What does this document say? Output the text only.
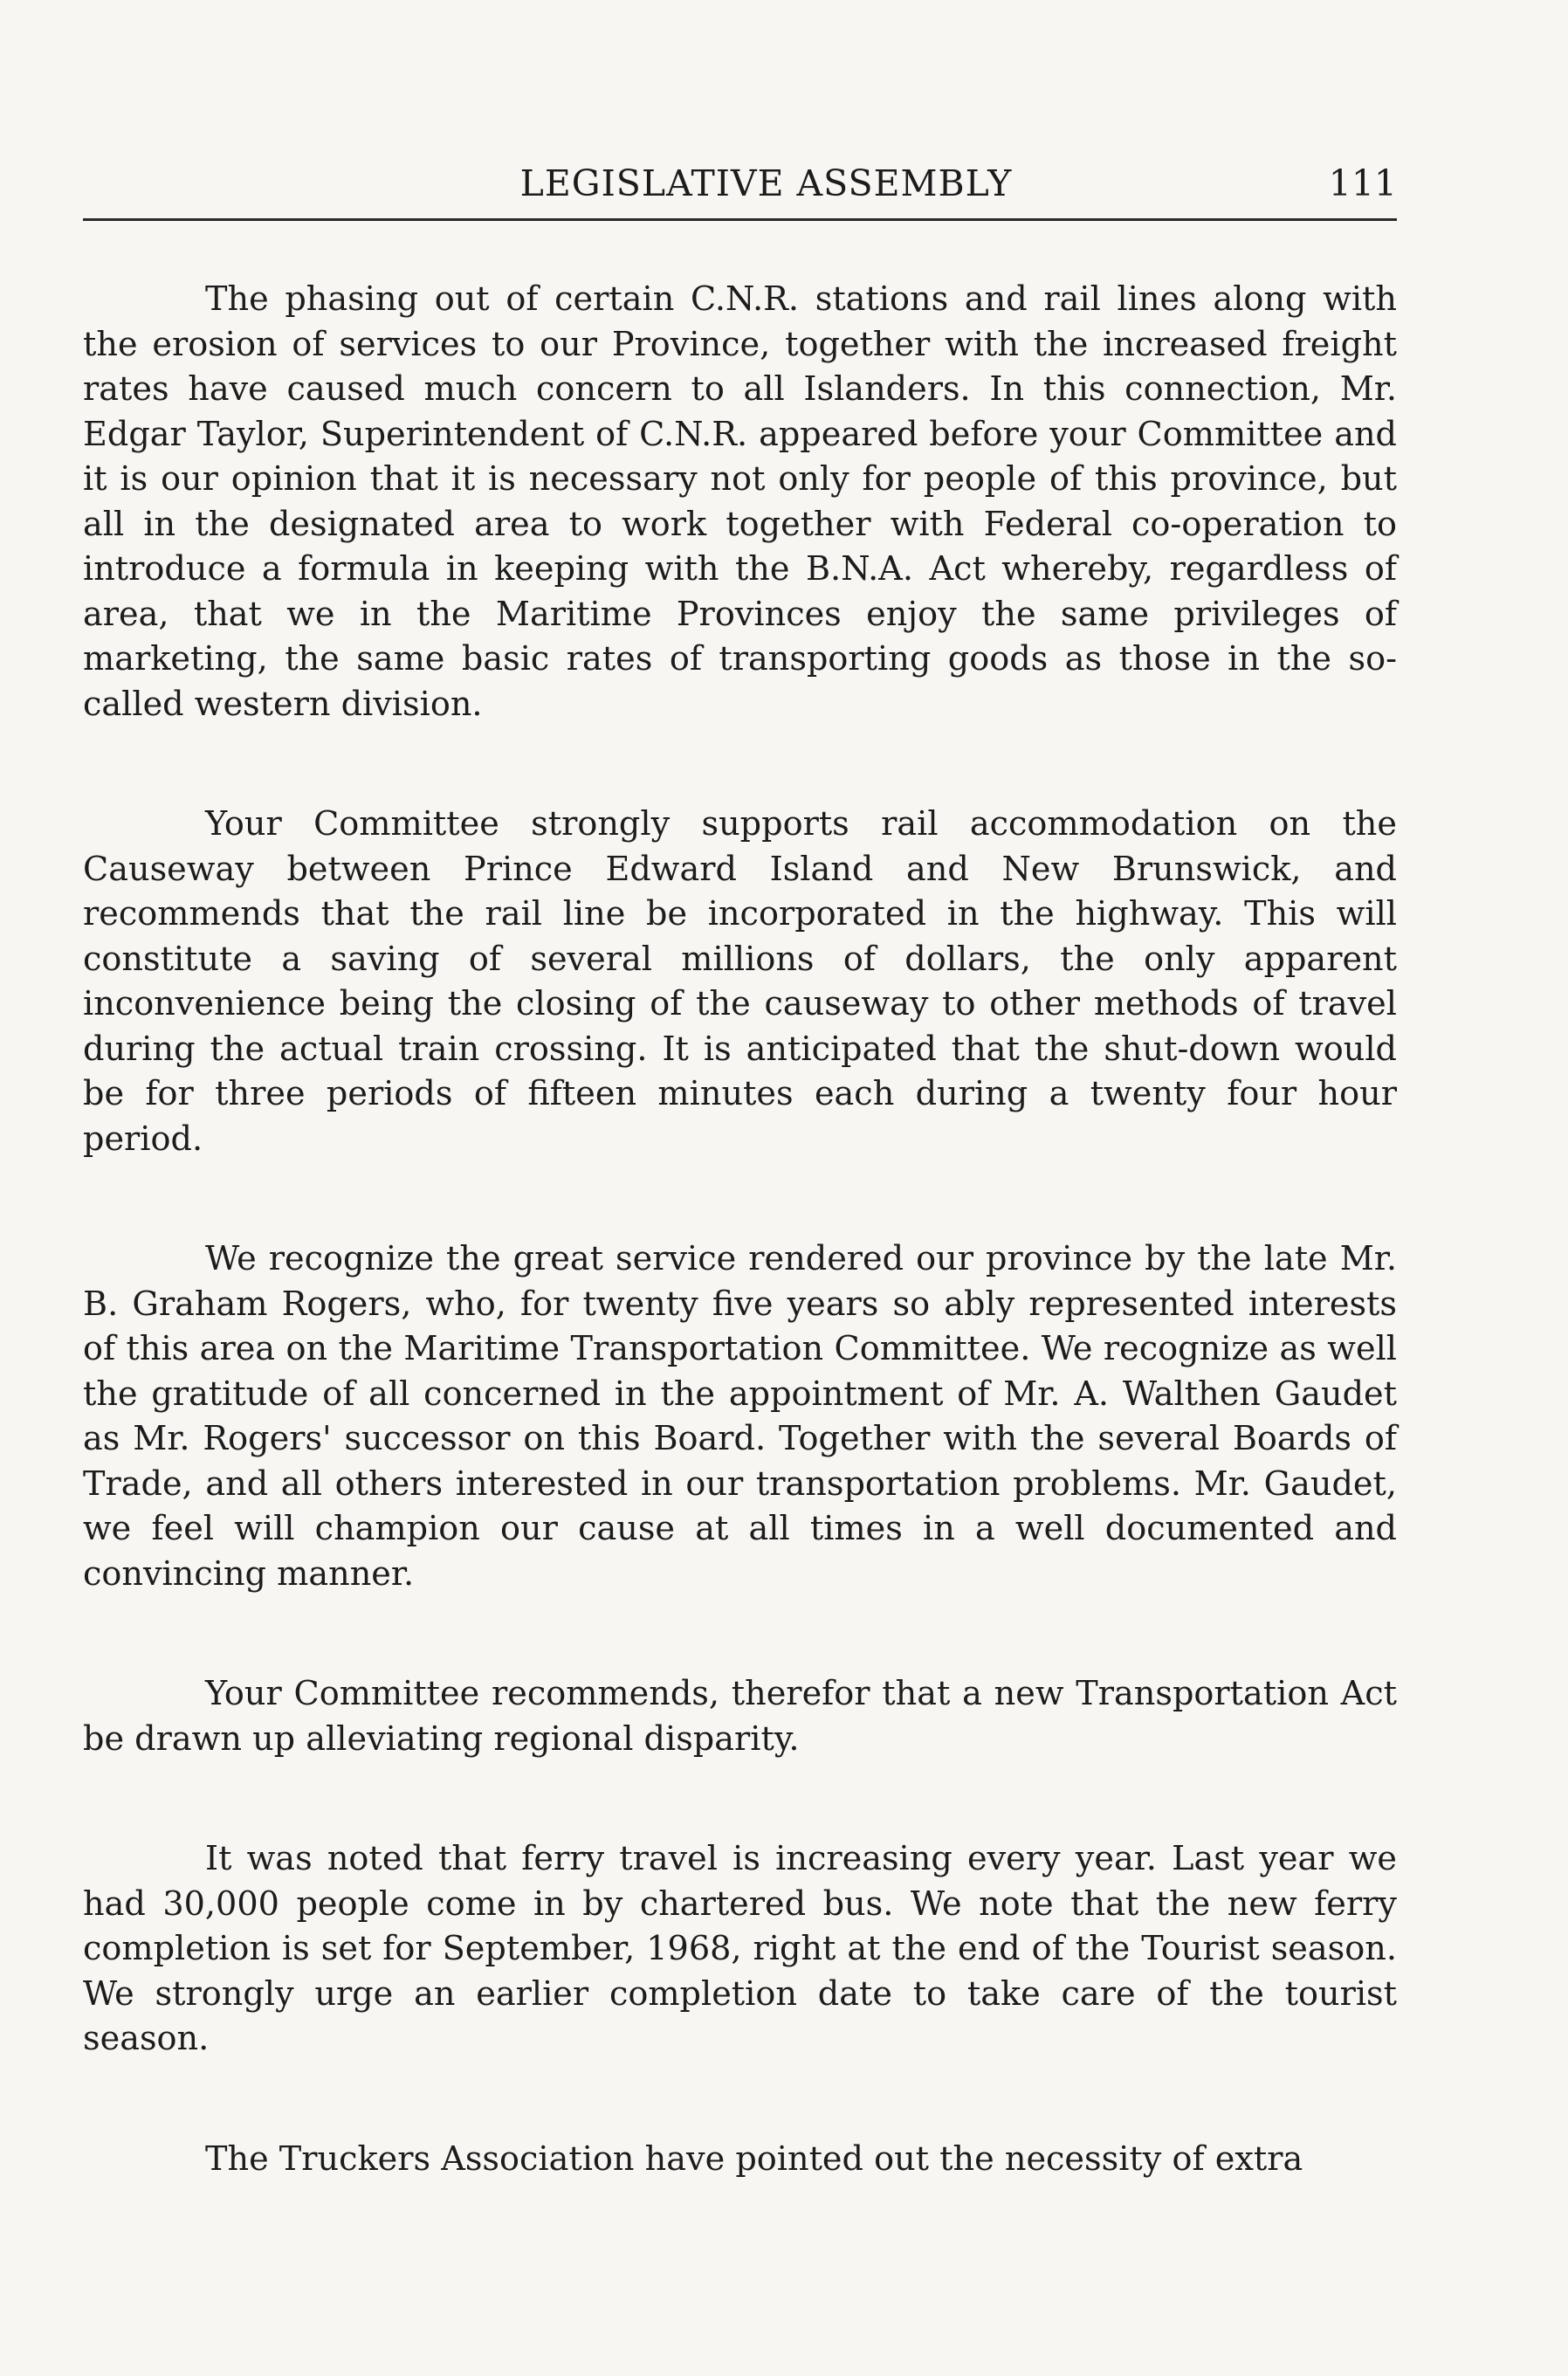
LEGISLATIVE ASSEMBLY	111

The phasing out of certain C.N.R. stations and rail lines along with the erosion of services to our Province, together with the increased freight rates have caused much concern to all Islanders. In this connection, Mr. Edgar Taylor, Superintendent of C.N.R. appeared before your Committee and it is our opinion that it is necessary not only for people of this province, but all in the designated area to work together with Federal co-operation to introduce a formula in keeping with the B.N.A. Act whereby, regardless of area, that we in the Maritime Provinces enjoy the same privileges of marketing, the same basic rates of transporting goods as those in the so-called western division.

Your Committee strongly supports rail accommodation on the Causeway between Prince Edward Island and New Brunswick, and recommends that the rail line be incorporated in the highway. This will constitute a saving of several millions of dollars, the only apparent inconvenience being the closing of the causeway to other methods of travel during the actual train crossing. It is anticipated that the shut-down would be for three periods of fifteen minutes each during a twenty four hour period.

We recognize the great service rendered our province by the late Mr. B. Graham Rogers, who, for twenty five years so ably represented interests of this area on the Maritime Transportation Committee. We recognize as well the gratitude of all concerned in the appointment of Mr. A. Walthen Gaudet as Mr. Rogers' successor on this Board. Together with the several Boards of Trade, and all others interested in our transportation problems. Mr. Gaudet, we feel will champion our cause at all times in a well documented and convincing manner.

Your Committee recommends, therefor that a new Transportation Act be drawn up alleviating regional disparity.

It was noted that ferry travel is increasing every year. Last year we had 30,000 people come in by chartered bus. We note that the new ferry completion is set for September, 1968, right at the end of the Tourist season. We strongly urge an earlier completion date to take care of the tourist season.

The Truckers Association have pointed out the necessity of extra
